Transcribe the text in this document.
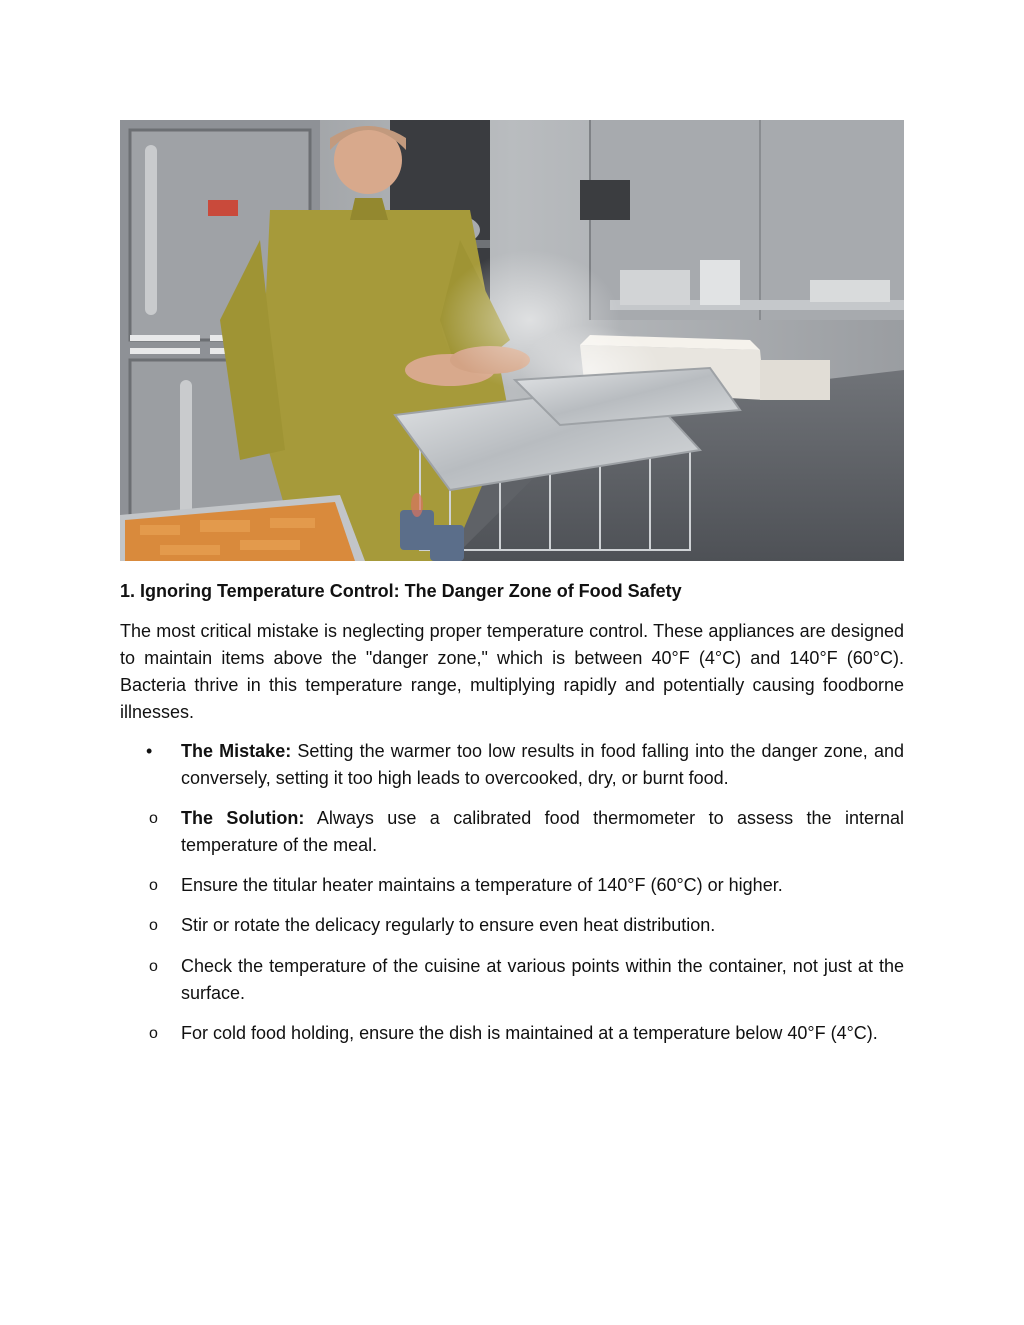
1. Ignoring Temperature Control: The Danger Zone of Food Safety

The most critical mistake is neglecting proper temperature control. These appliances are designed to maintain items above the "danger zone," which is between 40°F (4°C) and 140°F (60°C). Bacteria thrive in this temperature range, multiplying rapidly and potentially causing foodborne illnesses.

•	The Mistake: Setting the warmer too low results in food falling into the danger zone, and conversely, setting it too high leads to overcooked, dry, or burnt food.

o	The Solution: Always use a calibrated food thermometer to assess the internal temperature of the meal.

o	Ensure the titular heater maintains a temperature of 140°F (60°C) or higher.

o	Stir or rotate the delicacy regularly to ensure even heat distribution.

o	Check the temperature of the cuisine at various points within the container, not just at the surface.

o	For cold food holding, ensure the dish is maintained at a temperature below 40°F (4°C).
